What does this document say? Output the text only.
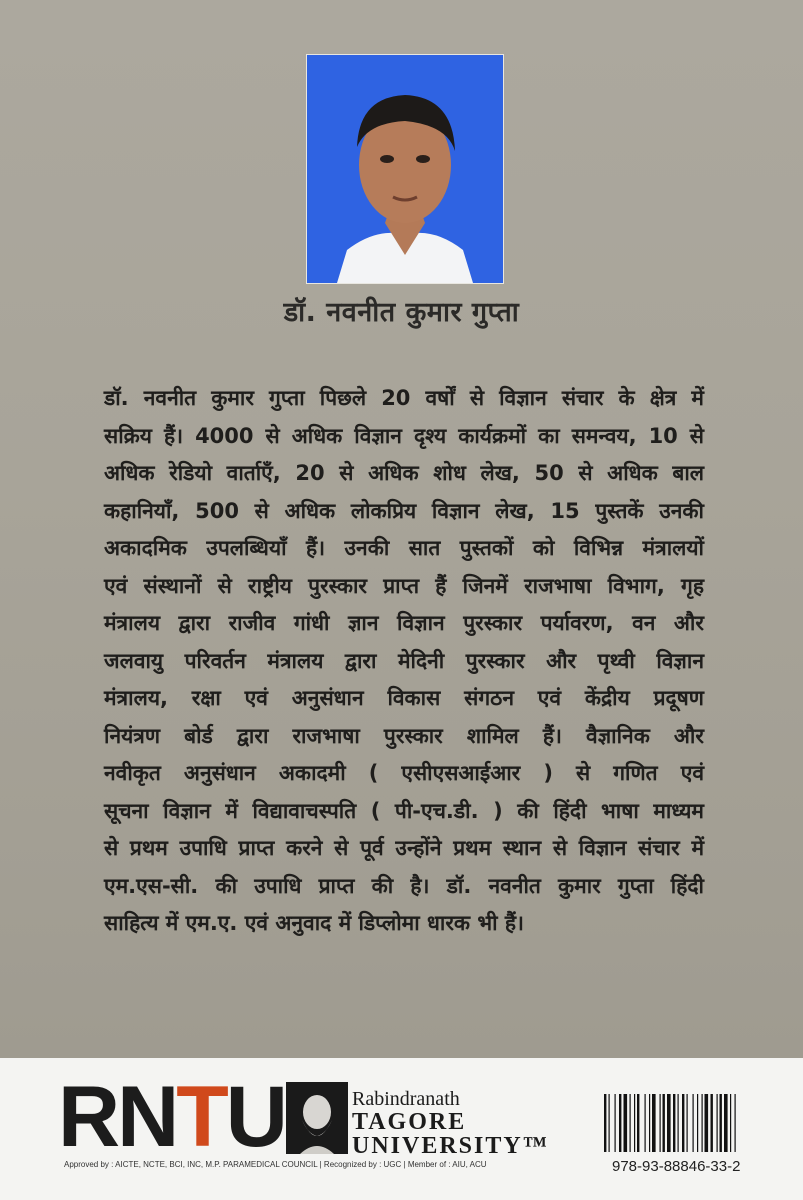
डॉ. नवनीत कुमार गुप्ता
डॉ. नवनीत कुमार गुप्ता पिछले 20 वर्षों से विज्ञान संचार के क्षेत्र में
सक्रिय हैं। 4000 से अधिक विज्ञान दृश्य कार्यक्रमों का समन्वय, 10 से
अधिक रेडियो वार्ताएँ, 20 से अधिक शोध लेख, 50 से अधिक बाल
कहानियाँ, 500 से अधिक लोकप्रिय विज्ञान लेख, 15 पुस्तकें उनकी
अकादमिक उपलब्धियाँ हैं। उनकी सात पुस्तकों को विभिन्न मंत्रालयों
एवं संस्थानों से राष्ट्रीय पुरस्कार प्राप्त हैं जिनमें राजभाषा विभाग, गृह
मंत्रालय द्वारा राजीव गांधी ज्ञान विज्ञान पुरस्कार पर्यावरण, वन और
जलवायु परिवर्तन मंत्रालय द्वारा मेदिनी पुरस्कार और पृथ्वी विज्ञान
मंत्रालय, रक्षा एवं अनुसंधान विकास संगठन एवं केंद्रीय प्रदूषण
नियंत्रण बोर्ड द्वारा राजभाषा पुरस्कार शामिल हैं। वैज्ञानिक और
नवीकृत अनुसंधान अकादमी ( एसीएसआईआर ) से गणित एवं
सूचना विज्ञान में विद्यावाचस्पति ( पी-एच.डी. ) की हिंदी भाषा माध्यम
से प्रथम उपाधि प्राप्त करने से पूर्व उन्होंने प्रथम स्थान से विज्ञान संचार में
एम.एस-सी. की उपाधि प्राप्त की है। डॉ. नवनीत कुमार गुप्ता हिंदी
साहित्य में एम.ए. एवं अनुवाद में डिप्लोमा धारक भी हैं।
RNTU	Rabindranath
TAGORE
UNIVERSITY™
Approved by : AICTE, NCTE, BCI, INC, M.P. PARAMEDICAL COUNCIL | Recognized by : UGC | Member of : AIU, ACU	978-93-88846-33-2
